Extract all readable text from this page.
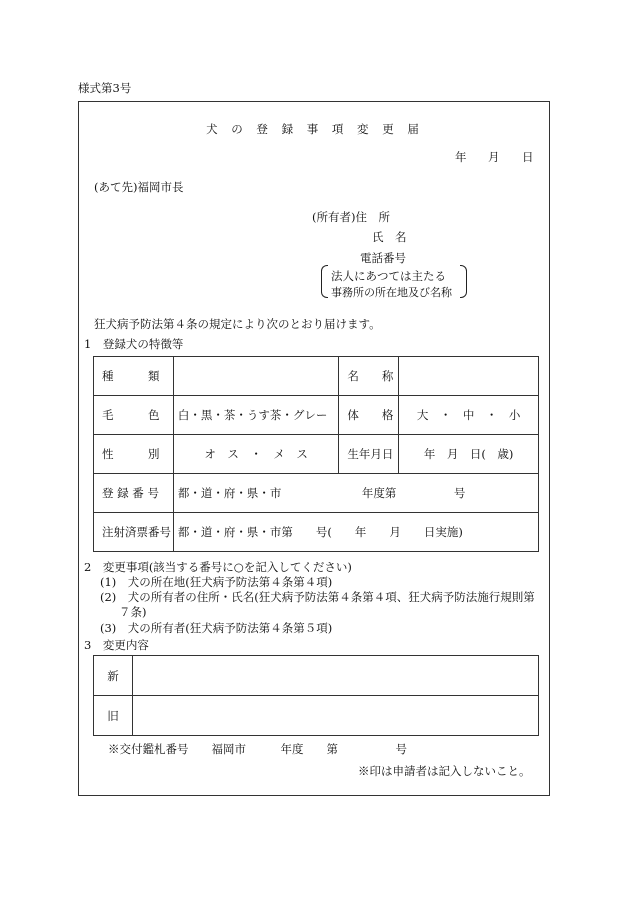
様式第3号
犬 の 登 録 事 項 変 更 届
年 月 日
(あて先)福岡市長
(所有者)住　所
氏　名
電話番号
法人にあつては主たる
事務所の所在地及び名称
狂犬病予防法第４条の規定により次のとおり届けます。
1　登録犬の特徴等
種　　　類		名　　称	
毛　　　色	白・黒・茶・うす茶・グレー	体　　格	大　・　中　・　小
性　　　別	オ　ス　・　メ　ス	生年月日	年　月　日(　歳)
登 録 番 号	都・道・府・県・市　　　　　　　年度第　　　　　号		
注射済票番号	都・道・府・県・市第　　号(　　年　　月　　日実施)		
2　変更事項(該当する番号に○を記入してください)
(1)　犬の所在地(狂犬病予防法第４条第４項)
(2)　犬の所有者の住所・氏名(狂犬病予防法第４条第４項、狂犬病予防法施行規則第
７条)
(3)　犬の所有者(狂犬病予防法第４条第５項)
3　変更内容
新	
旧	
※交付鑑札番号　　福岡市　　　年度　　第　　　　　号
※印は申請者は記入しないこと。
